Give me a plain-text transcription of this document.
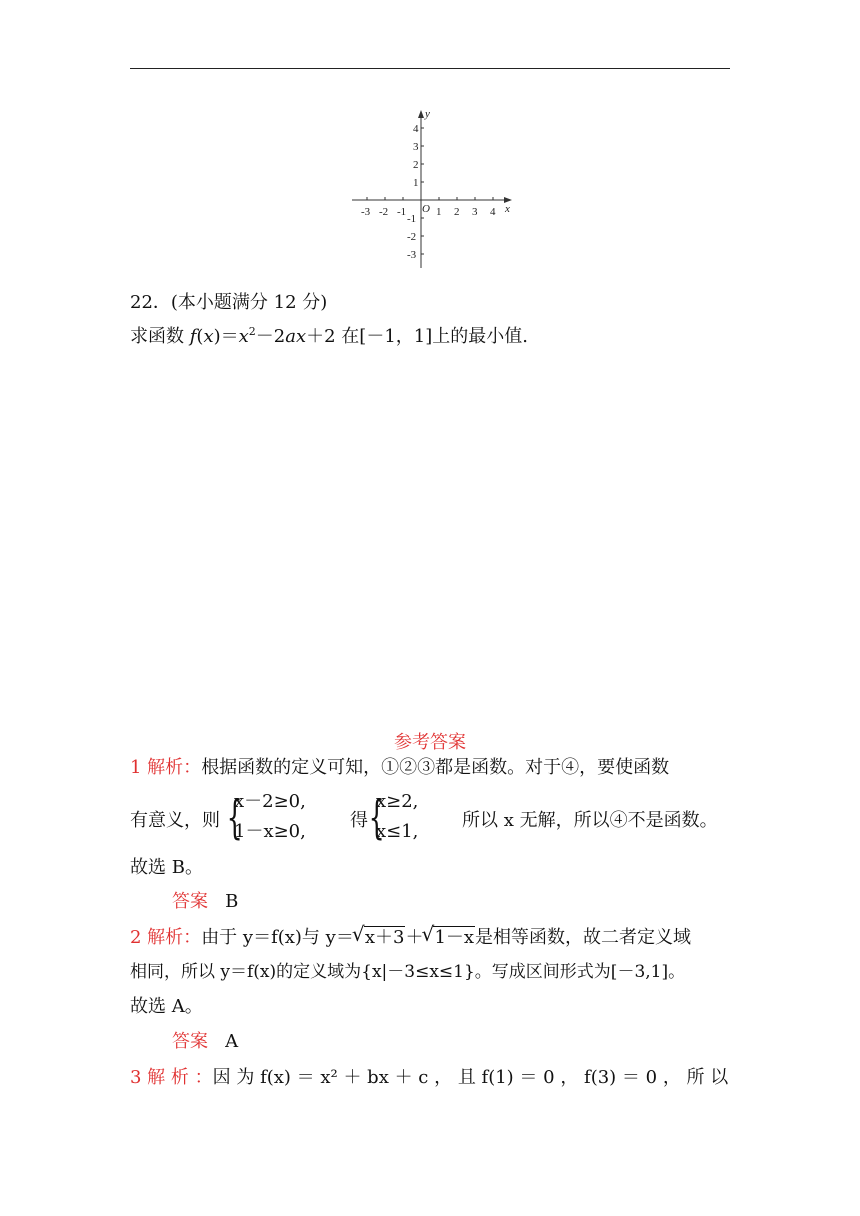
-3 -2 -1	1 2 3 4
4
3
2
1
-1
-2
-3
x
y
O
22．(本小题满分 12 分)
求函数 $f(x)=x^2-2ax+2$ 在[－1，1]上的最小值.
参考答案
1 解析：根据函数的定义可知，①②③都是函数。对于④，要使函数
有意义，则 {
x－2≥0,
1－x≥0,
得 {
x≥2,
x≤1,
所以 x 无解，所以④不是函数。
故选 B。
答案 B
2 解析：由于 y＝f(x)与 y＝
√ x＋3＋
√ 1－x是相等函数，故二者定义域
相同，所以 y＝f(x)的定义域为{x|－3≤x≤1}。写成区间形式为[－3,1]。
故选 A。
答案 A
3 解 析 ：因 为 f(x) ＝ x² ＋ bx ＋ c ， 且 f(1) ＝ 0 ， f(3) ＝ 0 ， 所 以
